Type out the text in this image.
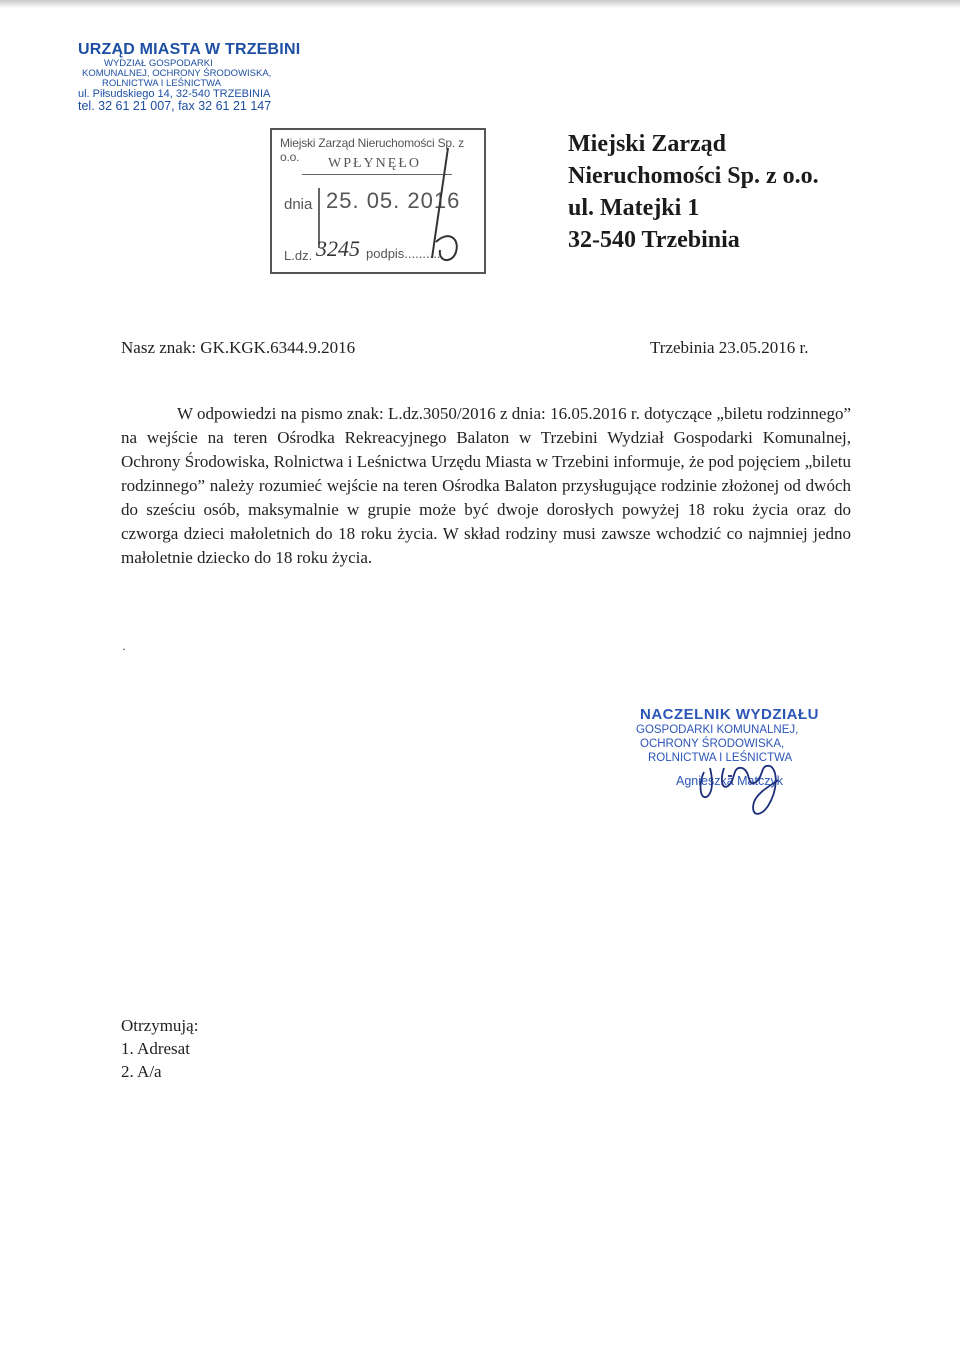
URZĄD MIASTA W TRZEBINI
WYDZIAŁ GOSPODARKI
KOMUNALNEJ, OCHRONY ŚRODOWISKA,
ROLNICTWA I LEŚNICTWA
ul. Piłsudskiego 14, 32-540 TRZEBINIA
tel. 32 61 21 007, fax 32 61 21 147
Miejski Zarząd Nieruchomości Sp. z o.o.	WPŁYNĘŁO
dnia 25. 05. 2016
L.dz. 3245 podpis..........
Miejski Zarząd
Nieruchomości Sp. z o.o.
ul. Matejki 1
32-540 Trzebinia
Nasz znak: GK.KGK.6344.9.2016	Trzebinia 23.05.2016 r.
W odpowiedzi na pismo znak: L.dz.3050/2016 z dnia: 16.05.2016 r. dotyczące „biletu rodzinnego” na wejście na teren Ośrodka Rekreacyjnego Balaton w Trzebini Wydział Gospodarki Komunalnej, Ochrony Środowiska, Rolnictwa i Leśnictwa Urzędu Miasta w Trzebini informuje, że pod pojęciem „biletu rodzinnego” należy rozumieć wejście na teren Ośrodka Balaton przysługujące rodzinie złożonej od dwóch do sześciu osób, maksymalnie w grupie może być dwoje dorosłych powyżej 18 roku życia oraz do czworga dzieci małoletnich do 18 roku życia. W skład rodziny musi zawsze wchodzić co najmniej jedno małoletnie dziecko do 18 roku życia.
·
NACZELNIK WYDZIAŁU
GOSPODARKI KOMUNALNEJ,
OCHRONY ŚRODOWISKA,
ROLNICTWA I LEŚNICTWA
Agnieszka Matczyk
Otrzymują:
1. Adresat
2. A/a
